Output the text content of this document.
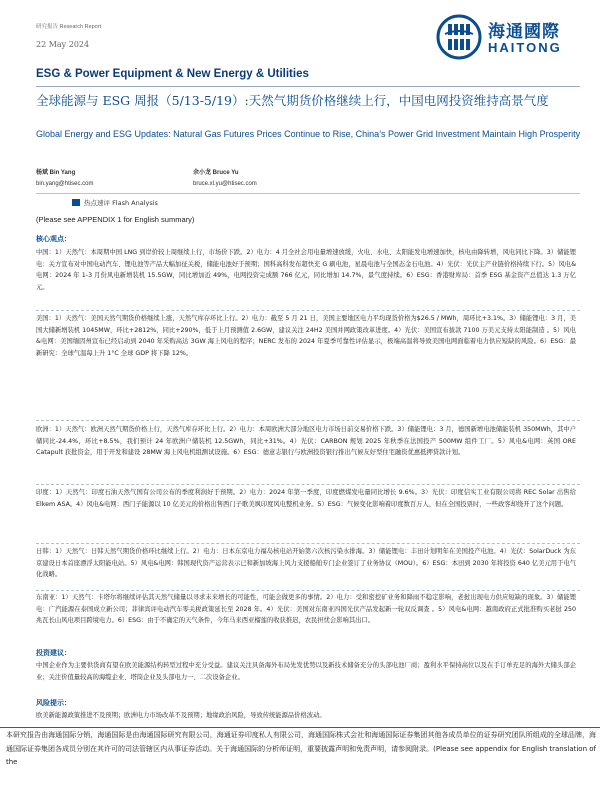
研究报告 Research Report
22 May 2024
海通國際
HAITONG
ESG & Power Equipment & New Energy & Utilities
全球能源与 ESG 周报（5/13-5/19）:天然气期货价格继续上行，中国电网投资维持高景气度
Global Energy and ESG Updates: Natural Gas Futures Prices Continue to Rise, China’s Power Grid Investment Maintain High Prosperity
杨斌 Bin Yang
bin.yang@htisec.com
余小龙 Bruce Yu
bruce.xl.yu@htisec.com
热点速评 Flash Analysis
(Please see APPENDIX 1 for English summary)
核心观点：
中国：1）天然气：本周期中国 LNG 到岸价较上周继续上行，市场价下跌。2）电力：4 月全社会用电量增速放缓，火电、水电、太阳能发电增速加快，核电由降转增，风电同比下降。3）储能锂电：关方宣布对中国电动汽车、锂电池等产品大幅加征关税，储能电池好于预期；国科高科发布超快充 G 刷电池，星晨电池与全国态金石电池。4）光伏：光伏主产业链价格持续下行。5）风电&电网：2024 年 1-3 月份风电新增装机 15.5GW，同比增加近 49%，电网投资完成额 766 亿元，同比增加 14.7%，景气度持续。6）ESG：香港财库局：首季 ESG 基金资产总值达 1.3 万亿元。
美国：1）天然气：美国天然气期货价格继续上涨，天然气库存环比上行。2）电力：截至 5 月 21 日，美国主要地区电力平均现货价格为$26.5 / MWh，周环比+3.1%。3）储能锂电：3 月，美国大储新增装机 1045MW，环比+2812%，同比+290%，低于上月预测值 2.6GW，建议关注 24H2 美国并网政策改革进度。4）光伏：美国宣布拔款 7100 万美元支持太阳能制造 。5）风电&电网：美国缅因州宣布已经启动到 2040 年采购高达 3GW 海上风电的程序；NERC 发布的 2024 年夏季可靠性评估显示，极端高温将导致美国电网面临着电力供应短缺的风险。6）ESG：最新研究：全球气温每上升 1°C 全球 GDP 将下降 12%。
欧洲：1）天然气：欧洲天然气期货价格上行，天然气库存环比上行。2）电力：本周欧洲大部分地区电力市场日前交易价格下跌。3）储能锂电：3 月，德国新增电池储能装机 350MWh，其中户储同比-24.4%，环比+8.5%，我们预计 24 年欧洲户储装机 12.5GWh，同比+31%。4）光伏：CARBON 规划 2025 年秋季在法国投产 500MW 组件工厂。5）风电&电网：英国 ORE Catapult 获批资金，用于开发和建设 28MW 海上风电机组测试设施。6）ESG：德意志银行与欧洲投资银行推出气候友好型住宅融资优惠抵押贷款计划。
印度：1）天然气：印度石油天然气国有公司公布的季度利润好于预期。2）电力：2024 年第一季度，印度燃煤发电量同比增长 9.6%。3）光伏：印度信实工业有限公司将 REC Solar 出售给 Elkem ASA。4）风电&电网：西门子能源以 10 亿美元的价格出售西门子歌美飒印度风电整机业务。5）ESG：气候变化影响着印度数百万人，但在全国投票时，一些政客却绕开了这个问题。
日韩：1）天然气：日韩天然气期货价格环比继续上行。2）电力：日本东京电力福岛核电站开始第六次核污染水排海。3）储能锂电：丰田计划明年在美国投产电池。4）光伏：SolarDuck 为东京建设日本首座漂浮太阳能电站。5）风电&电网：韩国现代资产运营表示已和新加坡海上风力支援船舶专门企业签订了业务协议（MOU）。6）ESG：本田到 2030 年将投资 640 亿美元用于电气化战略。
东南亚：1）天然气：卡塔尔将继续评估其天然气储量以寻求未来增长的可能性，可能会做更多的事情。2）电力：受和密挖矿业务和降雨不稳定影响，老挝出现电力供应短缺的现象。3）储能锂电：广汽能源在泰国成立新公司；菲律宾评电动汽车零关税政策延长至 2028 年。4）光伏：美国对东南亚四国光伏产品发起新一轮双反调查 。5）风电&电网：越南政府正式批准购买老挝 250 兆瓦长山风电项目跨境电力。6）ESG：由于不确定的天气条件，今年马来西亚榴莲的收获推迟，农民担忧会影响其出口。
投资建议：
中国企业作为主要供货商有望在欧美能源结构转型过程中充分受益。建议关注具备海外布局先发优势以及新技术储备充分的头部电池厂商；盈利水平保持高位以及在手订单充足的海外大储头部企业；关注价值量较高的海缆企业、塔筒企业及头部电力一、二次设备企业。
风险提示：
欧美新能源政策推进不及预期；欧洲电力市场改革不及预期；地缘政治风险，导致传统能源品价格波动。
本研究报告由海通国际分销，海通国际是由海通国际研究有限公司，海通证券印度私人有限公司，海通国际株式会社和海通国际证券集团其他各成员单位的证券研究团队所组成的全球品牌，海通国际证券集团各成员分别在其许可的司法管辖区内从事证券活动。关于海通国际的分析师证明，重要披露声明和免责声明，请参阅附录。(Please see appendix for English translation of the
